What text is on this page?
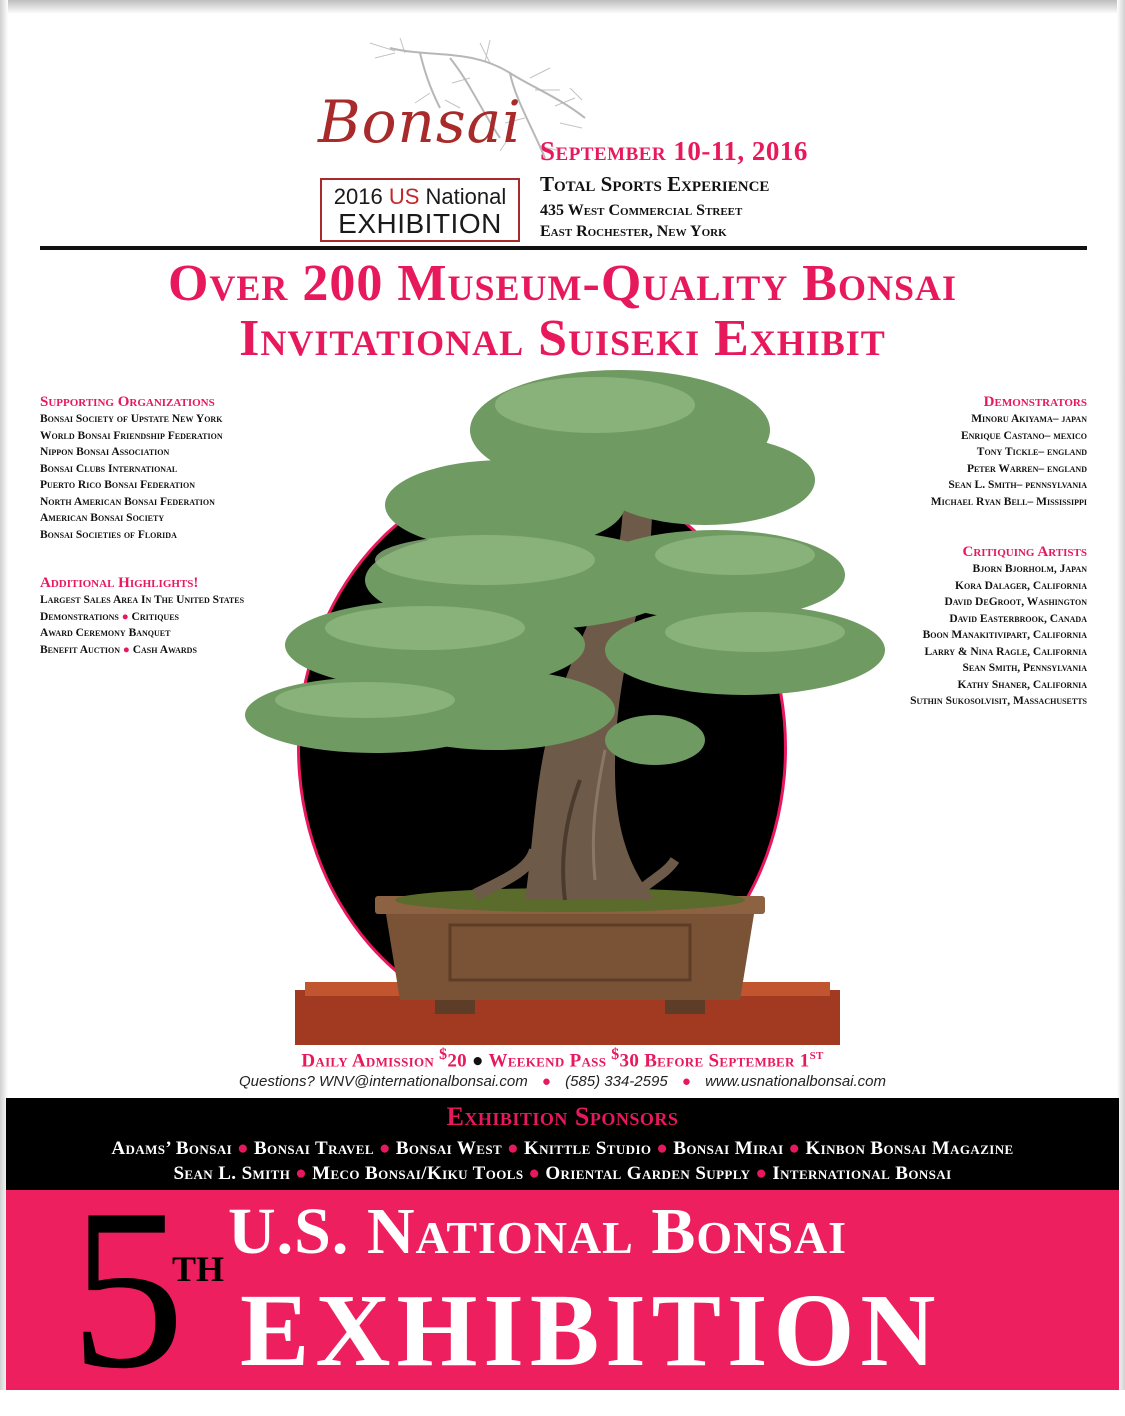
Bonsai
2016 US National
EXHIBITION
September 10-11, 2016
Total Sports Experience
435 West Commercial Street
East Rochester, New York
Over 200 Museum-Quality Bonsai
Invitational Suiseki Exhibit
Supporting Organizations
Bonsai Society of Upstate New York
World Bonsai Friendship Federation
Nippon Bonsai Association
Bonsai Clubs International
Puerto Rico Bonsai Federation
North American Bonsai Federation
American Bonsai Society
Bonsai Societies of Florida
Additional Highlights!
Largest Sales Area In The United States
Demonstrations ● Critiques
Award Ceremony Banquet
Benefit Auction ● Cash Awards
Demonstrators
Minoru Akiyama– japan
Enrique Castano– mexico
Tony Tickle– england
Peter Warren– england
Sean L. Smith– pennsylvania
Michael Ryan Bell– Mississippi
Critiquing Artists
Bjorn Bjorholm, Japan
Kora Dalager, California
David DeGroot, Washington
David Easterbrook, Canada
Boon Manakitivipart, California
Larry & Nina Ragle, California
Sean Smith, Pennsylvania
Kathy Shaner, California
Suthin Sukosolvisit, Massachusetts
Daily Admission $20 ● Weekend Pass $30 Before September 1st
Questions? WNV@internationalbonsai.com ● (585) 334-2595 ● www.usnationalbonsai.com
Exhibition Sponsors
Adams’ Bonsai ● Bonsai Travel ● Bonsai West ● Knittle Studio ● Bonsai Mirai ● Kinbon Bonsai Magazine
Sean L. Smith ● Meco Bonsai/Kiku Tools ● Oriental Garden Supply ● International Bonsai
5
TH
U.S. National Bonsai
EXHIBITION
